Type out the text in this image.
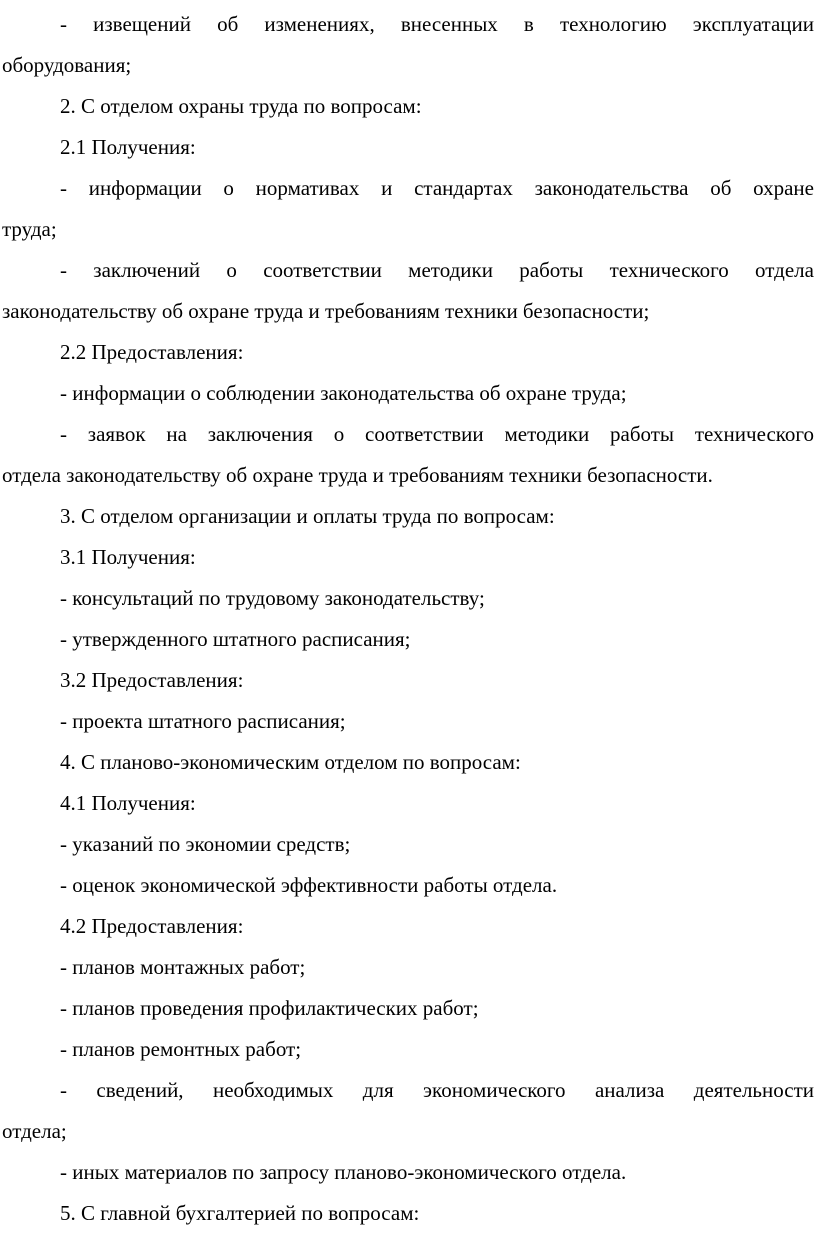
- извещений об изменениях, внесенных в технологию эксплуатации
оборудования;
2. С отделом охраны труда по вопросам:
2.1 Получения:
- информации о нормативах и стандартах законодательства об охране
труда;
- заключений о соответствии методики работы технического отдела
законодательству об охране труда и требованиям техники безопасности;
2.2 Предоставления:
- информации о соблюдении законодательства об охране труда;
- заявок на заключения о соответствии методики работы технического
отдела законодательству об охране труда и требованиям техники безопасности.
3. С отделом организации и оплаты труда по вопросам:
3.1 Получения:
- консультаций по трудовому законодательству;
- утвержденного штатного расписания;
3.2 Предоставления:
- проекта штатного расписания;
4. С планово-экономическим отделом по вопросам:
4.1 Получения:
- указаний по экономии средств;
- оценок экономической эффективности работы отдела.
4.2 Предоставления:
- планов монтажных работ;
- планов проведения профилактических работ;
- планов ремонтных работ;
- сведений, необходимых для экономического анализа деятельности
отдела;
- иных материалов по запросу планово-экономического отдела.
5. С главной бухгалтерией по вопросам:
